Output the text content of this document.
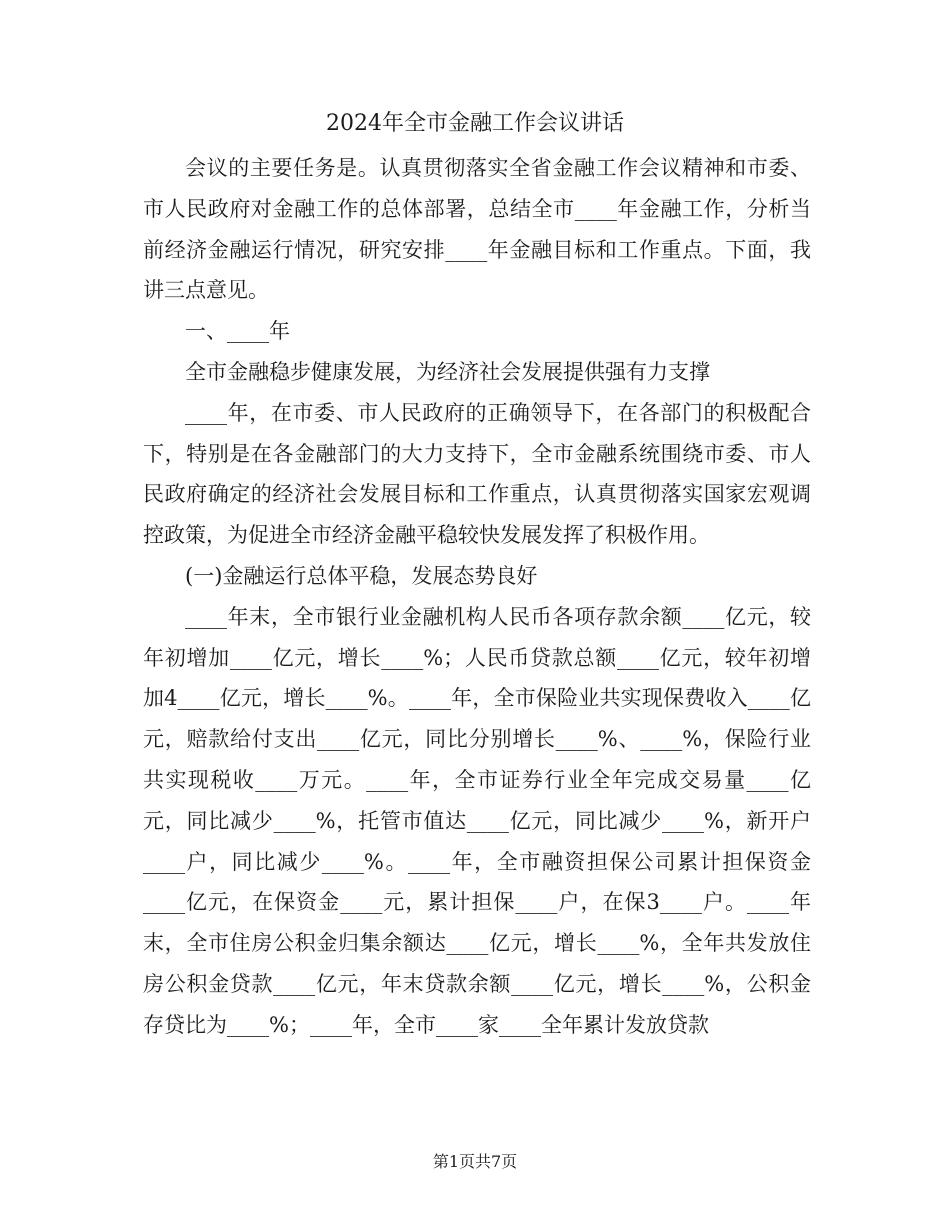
2024年全市金融工作会议讲话

会议的主要任务是。认真贯彻落实全省金融工作会议精神和市委、市人民政府对金融工作的总体部署，总结全市____年金融工作，分析当前经济金融运行情况，研究安排____年金融目标和工作重点。下面，我讲三点意见。

一、____年

全市金融稳步健康发展，为经济社会发展提供强有力支撑

____年，在市委、市人民政府的正确领导下，在各部门的积极配合下，特别是在各金融部门的大力支持下，全市金融系统围绕市委、市人民政府确定的经济社会发展目标和工作重点，认真贯彻落实国家宏观调控政策，为促进全市经济金融平稳较快发展发挥了积极作用。

(一)金融运行总体平稳，发展态势良好

____年末，全市银行业金融机构人民币各项存款余额____亿元，较年初增加____亿元，增长____%；人民币贷款总额____亿元，较年初增加4____亿元，增长____%。____年，全市保险业共实现保费收入____亿元，赔款给付支出____亿元，同比分别增长____%、____%，保险行业共实现税收____万元。____年，全市证券行业全年完成交易量____亿元，同比减少____%，托管市值达____亿元，同比减少____%，新开户____户，同比减少____%。____年，全市融资担保公司累计担保资金____亿元，在保资金____元，累计担保____户，在保3____户。____年末，全市住房公积金归集余额达____亿元，增长____%，全年共发放住房公积金贷款____亿元，年末贷款余额____亿元，增长____%，公积金存贷比为____%；____年，全市____家____全年累计发放贷款

第1页共7页
